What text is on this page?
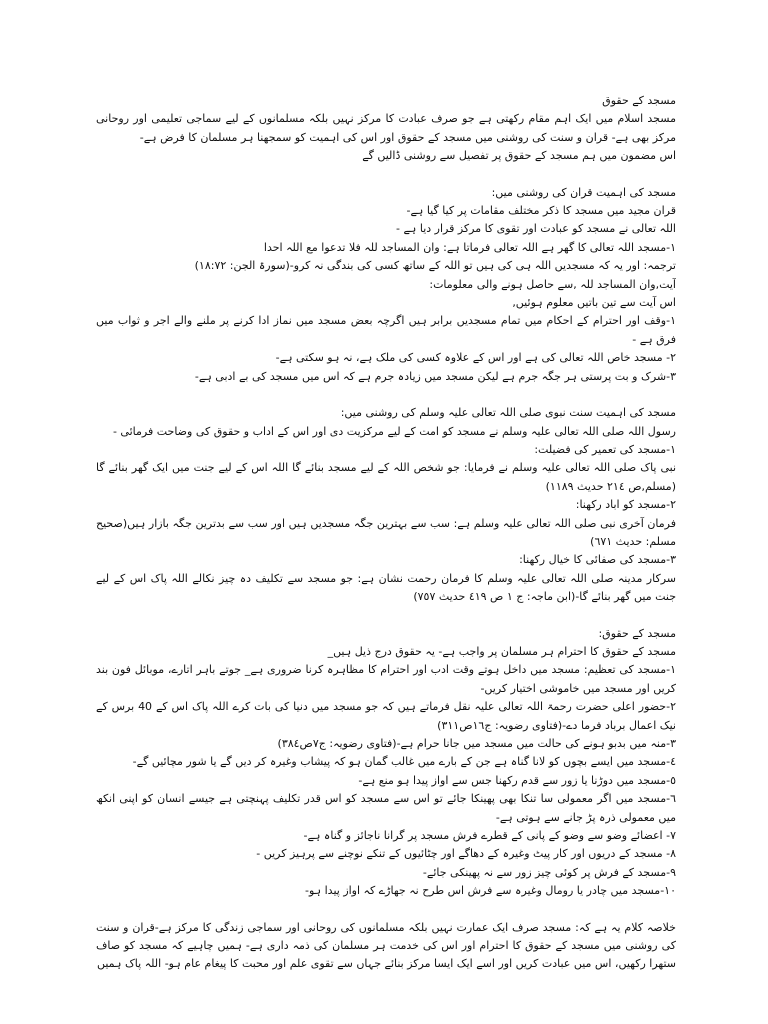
مسجد کے حقوق
مسجد اسلام میں ایک اہم مقام رکھتی ہے جو صرف عبادت کا مرکز نہیں بلکہ مسلمانوں کے لیے سماجی تعلیمی اور روحانی مرکز بھی ہے- قران و سنت کی روشنی میں مسجد کے حقوق اور اس کی اہمیت کو سمجھنا ہر مسلمان کا فرض ہے-
اس مضمون میں ہم مسجد کے حقوق پر تفصیل سے روشنی ڈالیں گے
مسجد کی اہمیت قران کی روشنی میں:
قران مجید میں مسجد کا ذکر مختلف مقامات پر کیا گیا ہے-
اللہ تعالی نے مسجد کو عبادت اور تقوی کا مرکز قرار دیا ہے -
۱-مسجد اللہ تعالی کا گھر ہے اللہ تعالی فرماتا ہے: وان المساجد للہ فلا تدعوا مع اللہ احدا
ترجمہ: اور یہ کہ مسجدیں اللہ ہی کی ہیں تو اللہ کے ساتھ کسی کی بندگی نہ کرو-(سورۃ الجن: ۱۸:۷۲)
آیت,وان المساجد للہ ,سے حاصل ہونے والی معلومات:
اس آیت سے تین باتیں معلوم ہوئیں,
۱-وقف اور احترام کے احکام میں تمام مسجدیں برابر ہیں اگرچہ بعض مسجد میں نماز ادا کرنے پر ملنے والے اجر و ثواب میں فرق ہے -
۲- مسجد خاص اللہ تعالی کی ہے اور اس کے علاوہ کسی کی ملک ہے، نہ ہو سکتی ہے-
۳-شرک و بت پرستی ہر جگہ جرم ہے لیکن مسجد میں زیادہ جرم ہے کہ اس میں مسجد کی بے ادبی ہے-
مسجد کی اہمیت سنت نبوی صلی اللہ تعالی علیہ وسلم کی روشنی میں:
رسول اللہ صلی اللہ تعالی علیہ وسلم نے مسجد کو امت کے لیے مرکزیت دی اور اس کے اداب و حقوق کی وضاحت فرمائی -
۱-مسجد کی تعمیر کی فضیلت:
نبی پاک صلی اللہ تعالی علیہ وسلم نے فرمایا: جو شخص اللہ کے لیے مسجد بنائے گا اللہ اس کے لیے جنت میں ایک گھر بنائے گا (مسلم,ص ۲۱٤ حدیث ۱۱۸۹)
۲-مسجد کو اباد رکھنا:
فرمان آخری نبی صلی اللہ تعالی علیہ وسلم ہے: سب سے بہترین جگہ مسجدیں ہیں اور سب سے بدترین جگہ بازار ہیں(صحیح مسلم: حدیث ٦٧١)
۳-مسجد کی صفائی کا خیال رکھنا:
سرکار مدینہ صلی اللہ تعالی علیہ وسلم کا فرمان رحمت نشان ہے: جو مسجد سے تکلیف دہ چیز نکالے اللہ پاک اس کے لیے جنت میں گھر بنائے گا-(ابن ماجہ: ج ۱ ص ٤۱۹ حدیث ۷٥۷)
مسجد کے حقوق:
مسجد کے حقوق کا احترام ہر مسلمان پر واجب ہے- یہ حقوق درج ذیل ہیں_
۱-مسجد کی تعظیم: مسجد میں داخل ہوتے وقت ادب اور احترام کا مظاہرہ کرنا ضروری ہے_ جوتے باہر اتارے، موبائل فون بند کریں اور مسجد میں خاموشی اختیار کریں-
۲-حضور اعلی حضرت رحمۃ اللہ تعالی علیہ نقل فرماتے ہیں کہ جو مسجد میں دنیا کی بات کرے اللہ پاک اس کے 40 برس کے نیک اعمال برباد فرما دے-(فتاوی رضویہ: ج۱٦ص۳۱۱)
۳-منہ میں بدبو ہونے کی حالت میں مسجد میں جانا حرام ہے-(فتاوی رضویہ: ج۷ص۳۸٤)
٤-مسجد میں ایسے بچوں کو لانا گناہ ہے جن کے بارے میں غالب گمان ہو کہ پیشاب وغیرہ کر دیں گے یا شور مچائیں گے-
٥-مسجد میں دوڑنا یا زور سے قدم رکھنا جس سے اواز پیدا ہو منع ہے-
٦-مسجد میں اگر معمولی سا تنکا بھی پھینکا جائے تو اس سے مسجد کو اس قدر تکلیف پہنچتی ہے جیسے انسان کو اپنی انکھ میں معمولی ذرہ پڑ جانے سے ہوتی ہے-
۷- اعضائے وضو سے وضو کے پانی کے قطرے فرش مسجد پر گرانا ناجائز و گناہ ہے-
۸- مسجد کے دریوں اور کار پیٹ وغیرہ کے دھاگے اور چٹائیوں کے تنکے نوچنے سے پرہیز کریں -
۹-مسجد کے فرش پر کوئی چیز زور سے نہ پھینکی جائے-
۱۰-مسجد میں چادر یا رومال وغیرہ سے فرش اس طرح نہ جھاڑے کہ اواز پیدا ہو-
خلاصہ کلام یہ ہے کہ: مسجد صرف ایک عمارت نہیں بلکہ مسلمانوں کی روحانی اور سماجی زندگی کا مرکز ہے-قران و سنت کی روشنی میں مسجد کے حقوق کا احترام اور اس کی خدمت ہر مسلمان کی ذمہ داری ہے- ہمیں چاہیے کہ مسجد کو صاف ستھرا رکھیں، اس میں عبادت کریں اور اسے ایک ایسا مرکز بنائے جہاں سے تقوی علم اور محبت کا پیغام عام ہو- اللہ پاک ہمیں
